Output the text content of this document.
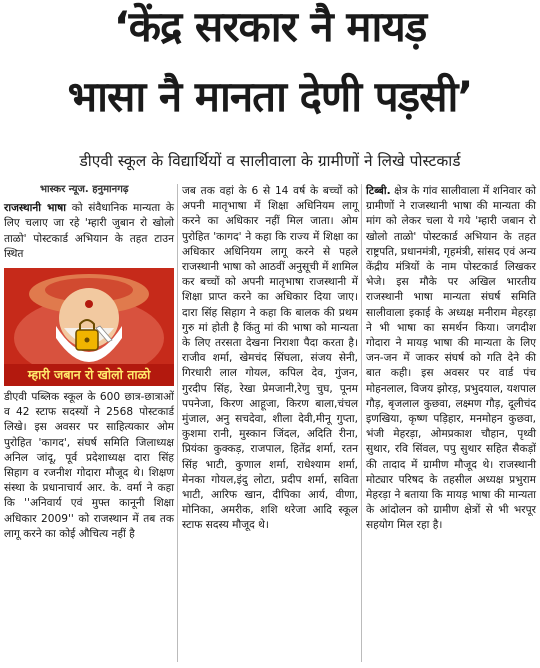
‘केंद्र सरकार नै मायड़
भासा नै मानता देणी पड़सी’
डीएवी स्कूल के विद्यार्थियों व सालीवाला के ग्रामीणों ने लिखे पोस्टकार्ड
भास्कर न्यूज. हनुमानगढ़

राजस्थानी भाषा को संवैधानिक मान्यता के लिए चलाए जा रहे 'म्हारी जुबान रो खोलो ताळो' पोस्टकार्ड अभियान के तहत टाउन स्थित

म्हारी जबान रो खोलो ताळो

डीएवी पब्लिक स्कूल के 600 छात्र-छात्राओं व 42 स्टाफ सदस्यों ने 2568 पोस्टकार्ड लिखे। इस अवसर पर साहित्यकार ओम पुरोहित 'कागद', संघर्ष समिति जिलाध्यक्ष अनिल जांदू, पूर्व प्रदेशाध्यक्ष दारा सिंह सिहाग व रजनीश गोदारा मौजूद थे। शिक्षण संस्था के प्रधानाचार्य आर. के. वर्मा ने कहा कि ''अनिवार्य एवं मुफ्त कानूनी शिक्षा अधिकार 2009'' को राजस्थान में तब तक लागू करने का कोई औचित्य नहीं है

जब तक वहां के 6 से 14 वर्ष के बच्चों को अपनी मातृभाषा में शिक्षा अधिनियम लागू करने का अधिकार नहीं मिल जाता। ओम पुरोहित 'कागद' ने कहा कि राज्य में शिक्षा का अधिकार अधिनियम लागू करने से पहले राजस्थानी भाषा को आठवीं अनुसूची में शामिल कर बच्चों को अपनी मातृभाषा राजस्थानी में शिक्षा प्राप्त करने का अधिकार दिया जाए। दारा सिंह सिहाग ने कहा कि बालक की प्रथम गुरु मां होती है किंतु मां की भाषा को मान्यता के लिए तरसता देखना निराशा पैदा करता है। राजीव शर्मा, खेमचंद सिंघला, संजय सेनी, गिरधारी लाल गोयल, कपिल देव, गुंजन, गुरदीप सिंह, रेखा प्रेमजानी,रेणु चुघ, पूनम पपनेजा, किरण आहूजा, किरण बाला,चंचल मुंजाल, अनु सचदेवा, शीला देवी,मीनू गुप्ता, कुशमा रानी, मुस्कान जिंदल, अदिति रीना, प्रियंका कुक्कड़, राजपाल, हितेंद्र शर्मा, रतन सिंह भाटी, कुणाल शर्मा, राधेश्याम शर्मा, मेनका गोयल,इंदु लोटा, प्रदीप शर्मा, सविता भाटी, आरिफ खान, दीपिका आर्य, वीणा, मोनिका, अमरीक, शशि थरेजा आदि स्कूल स्टाफ सदस्य मौजूद थे।

टिब्बी. क्षेत्र के गांव सालीवाला में शनिवार को ग्रामीणों ने राजस्थानी भाषा की मान्यता की मांग को लेकर चला ये गये 'म्हारी जबान रो खोलो ताळो' पोस्टकार्ड अभियान के तहत राष्ट्रपति, प्रधानमंत्री, गृहमंत्री, सांसद एवं अन्य केंद्रीय मंत्रियों के नाम पोस्टकार्ड लिखकर भेजे। इस मौके पर अखिल भारतीय राजस्थानी भाषा मान्यता संघर्ष समिति सालीवाला इकाई के अध्यक्ष मनीराम मेहरड़ा ने भी भाषा का समर्थन किया। जगदीश गोदारा ने मायड़ भाषा की मान्यता के लिए जन-जन में जाकर संघर्ष को गति देने की बात कही। इस अवसर पर वार्ड पंच मोहनलाल, विजय झोरड़, प्रभुदयाल, यशपाल गौड़, बृजलाल कुछवा, लक्ष्मण गौड़, दूलीचंद इणखिया, कृष्ण पड़िहार, मनमोहन कुछवा, भंजी मेहरड़ा, ओमप्रकाश चौहान, पृथ्वी सुथार, रवि सिंवल, पपु सुथार सहित सैकड़ों की तादाद में ग्रामीण मौजूद थे। राजस्थानी मोट्यार परिषद के तहसील अध्यक्ष प्रभुराम मेहरड़ा ने बताया कि मायड़ भाषा की मान्यता के आंदोलन को ग्रामीण क्षेत्रों से भी भरपूर सहयोग मिल रहा है।
